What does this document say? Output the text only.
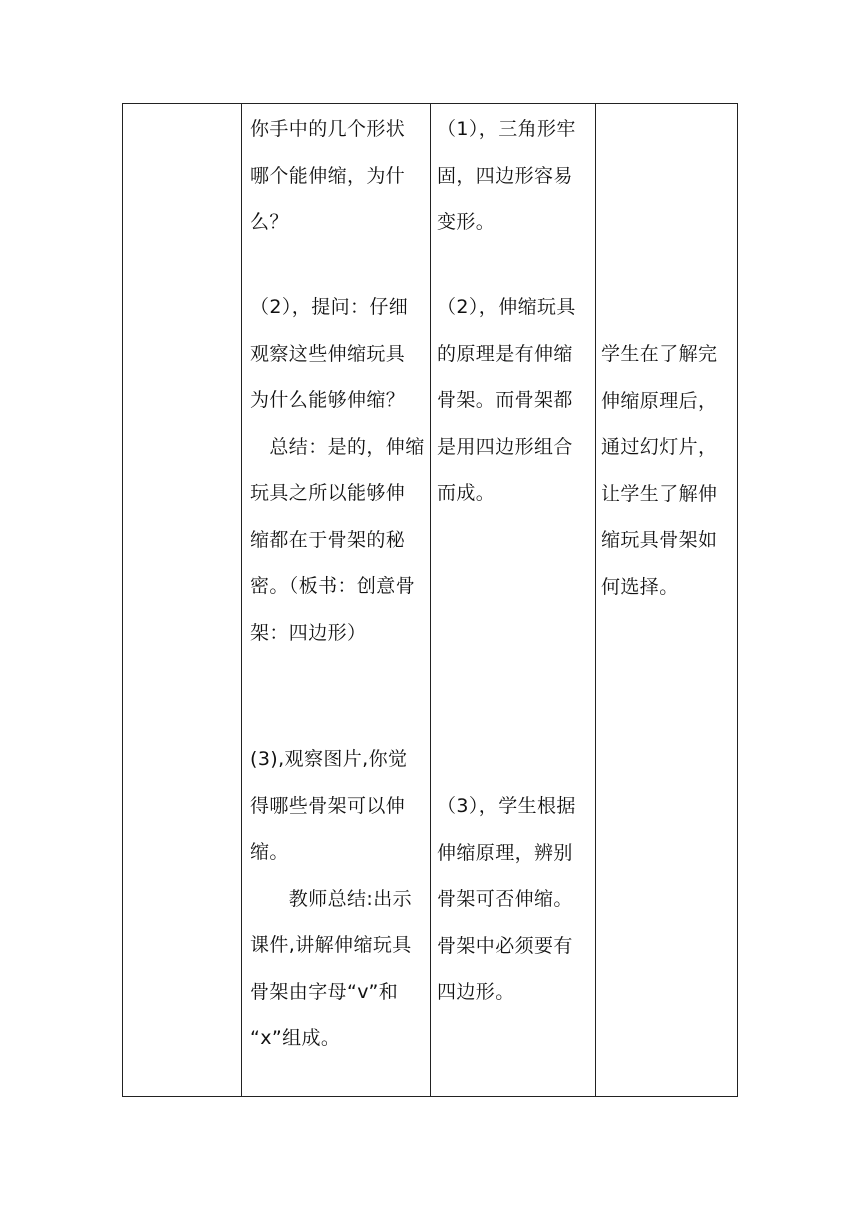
你手中的几个形状
哪个能伸缩，为什
么？
（2），提问：仔细
观察这些伸缩玩具
为什么能够伸缩？
　总结：是的，伸缩
玩具之所以能够伸
缩都在于骨架的秘
密。（板书：创意骨
架：四边形）
(3),观察图片,你觉
得哪些骨架可以伸
缩。
　　教师总结:出示
课件,讲解伸缩玩具
骨架由字母“v”和
“x”组成。
（1），三角形牢
固，四边形容易
变形。
（2），伸缩玩具
的原理是有伸缩
骨架。而骨架都
是用四边形组合
而成。
（3），学生根据
伸缩原理，辨别
骨架可否伸缩。
骨架中必须要有
四边形。
学生在了解完
伸缩原理后，
通过幻灯片，
让学生了解伸
缩玩具骨架如
何选择。
